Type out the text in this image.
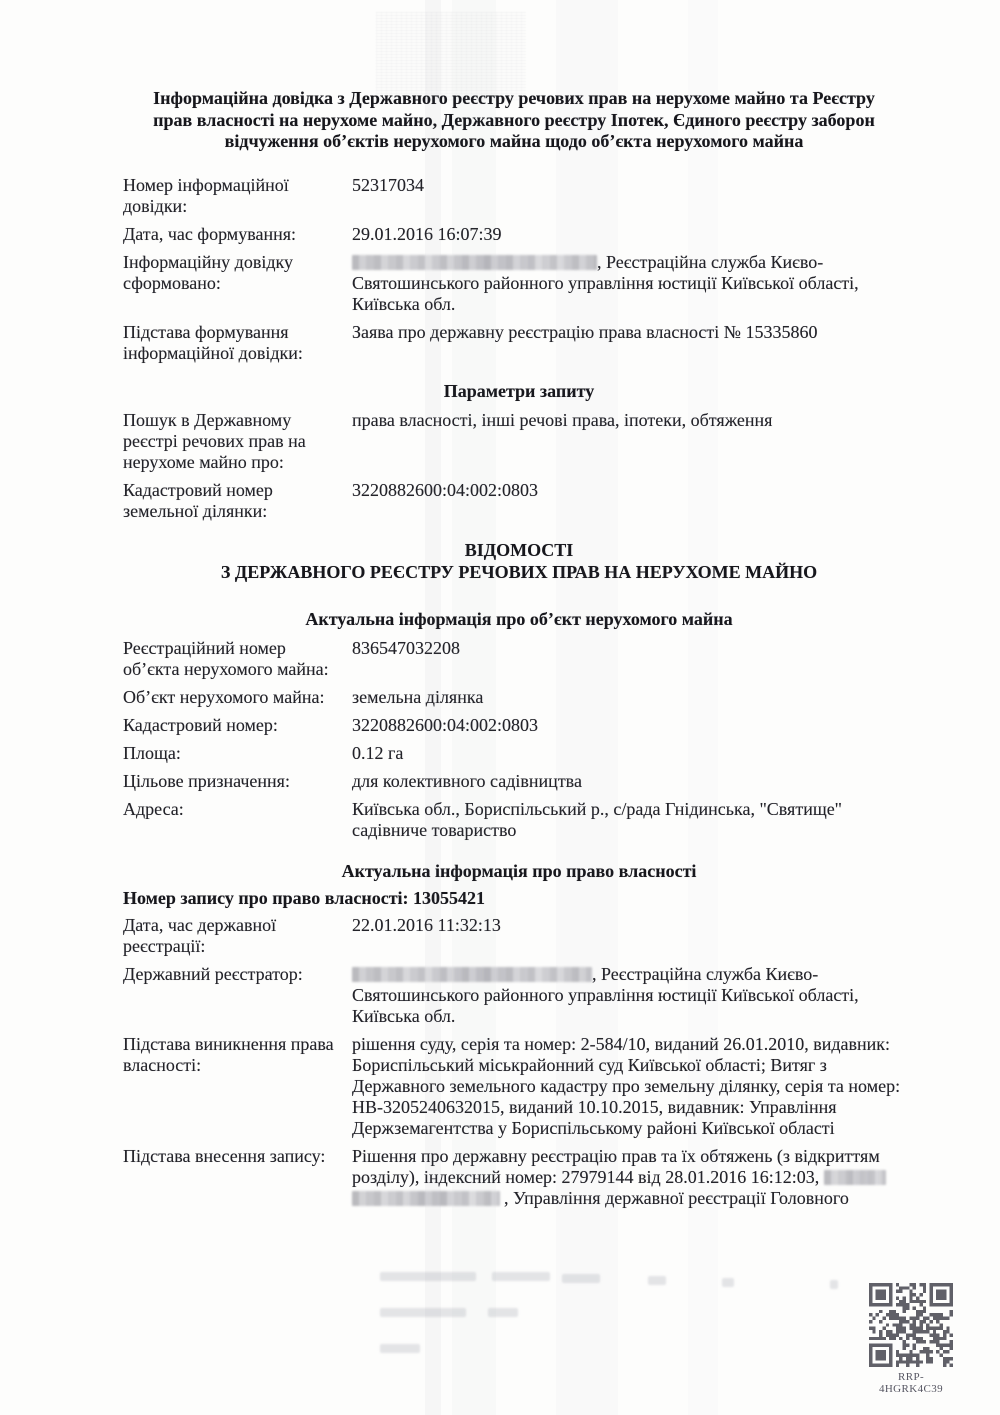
Інформаційна довідка з Державного реєстру речових прав на нерухоме майно та Реєстру
прав власності на нерухоме майно, Державного реєстру Іпотек, Єдиного реєстру заборон
відчуження об’єктів нерухомого майна щодо об’єкта нерухомого майна
Номер інформаційної довідки:
52317034
Дата, час формування:	29.01.2016 16:07:39
Інформаційну довідку сформовано:
, Реєстраційна служба Києво-Святошинського районного управління юстиції Київської області, Київська обл.
Підстава формування інформаційної довідки:
Заява про державну реєстрацію права власності № 15335860
Параметри запиту
Пошук в Державному реєстрі речових прав на нерухоме майно про:
права власності, інші речові права, іпотеки, обтяження
Кадастровий номер земельної ділянки:
3220882600:04:002:0803
ВІДОМОСТІ
З ДЕРЖАВНОГО РЕЄСТРУ РЕЧОВИХ ПРАВ НА НЕРУХОМЕ МАЙНО
Актуальна інформація про об’єкт нерухомого майна
Реєстраційний номер об’єкта нерухомого майна:
836547032208
Об’єкт нерухомого майна:	земельна ділянка
Кадастровий номер:	3220882600:04:002:0803
Площа:	0.12 га
Цільове призначення:	для колективного садівництва
Адреса:	Київська обл., Бориспільський р., с/рада Гнідинська, "Святище" садівниче товариство
Актуальна інформація про право власності
Номер запису про право власності: 13055421
Дата, час державної реєстрації:
22.01.2016 11:32:13
Державний реєстратор:	, Реєстраційна служба Києво-Святошинського районного управління юстиції Київської області, Київська обл.
Підстава виникнення права власності:
рішення суду, серія та номер: 2-584/10, виданий 26.01.2010, видавник: Бориспільський міськрайонний суд Київської області; Витяг з Державного земельного кадастру про земельну ділянку, серія та номер: НВ-3205240632015, виданий 10.10.2015, видавник: Управління Держземагентства у Бориспільському районі Київської області
Підстава внесення запису:	Рішення про державну реєстрацію прав та їх обтяжень (з відкриттям розділу), індексний номер: 27979144 від 28.01.2016 16:12:03,  , Управління державної реєстрації Головного
RRP-4HGRK4C39
